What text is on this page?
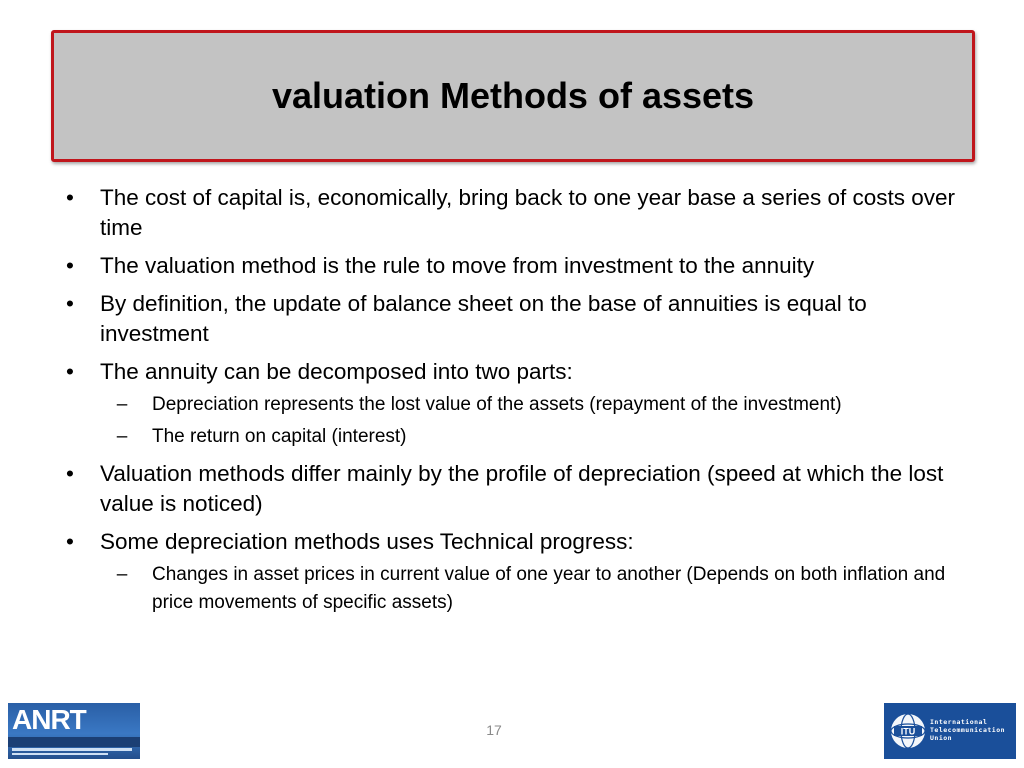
valuation Methods of assets
• The cost of capital is, economically, bring back to one year base a series of costs over time
• The valuation method is the rule to move from investment to the annuity
• By definition, the update of balance sheet on the base of annuities is equal to investment
• The annuity can be decomposed into two parts:
– Depreciation represents the lost value of the assets (repayment of the investment)
– The return on capital (interest)
• Valuation methods differ mainly by the profile of depreciation (speed at which the lost value is noticed)
• Some depreciation methods uses Technical progress:
– Changes in asset prices in current value of one year to another (Depends on both inflation and price movements of specific assets)
ANRT	17	ITU
International
Telecommunication
Union
